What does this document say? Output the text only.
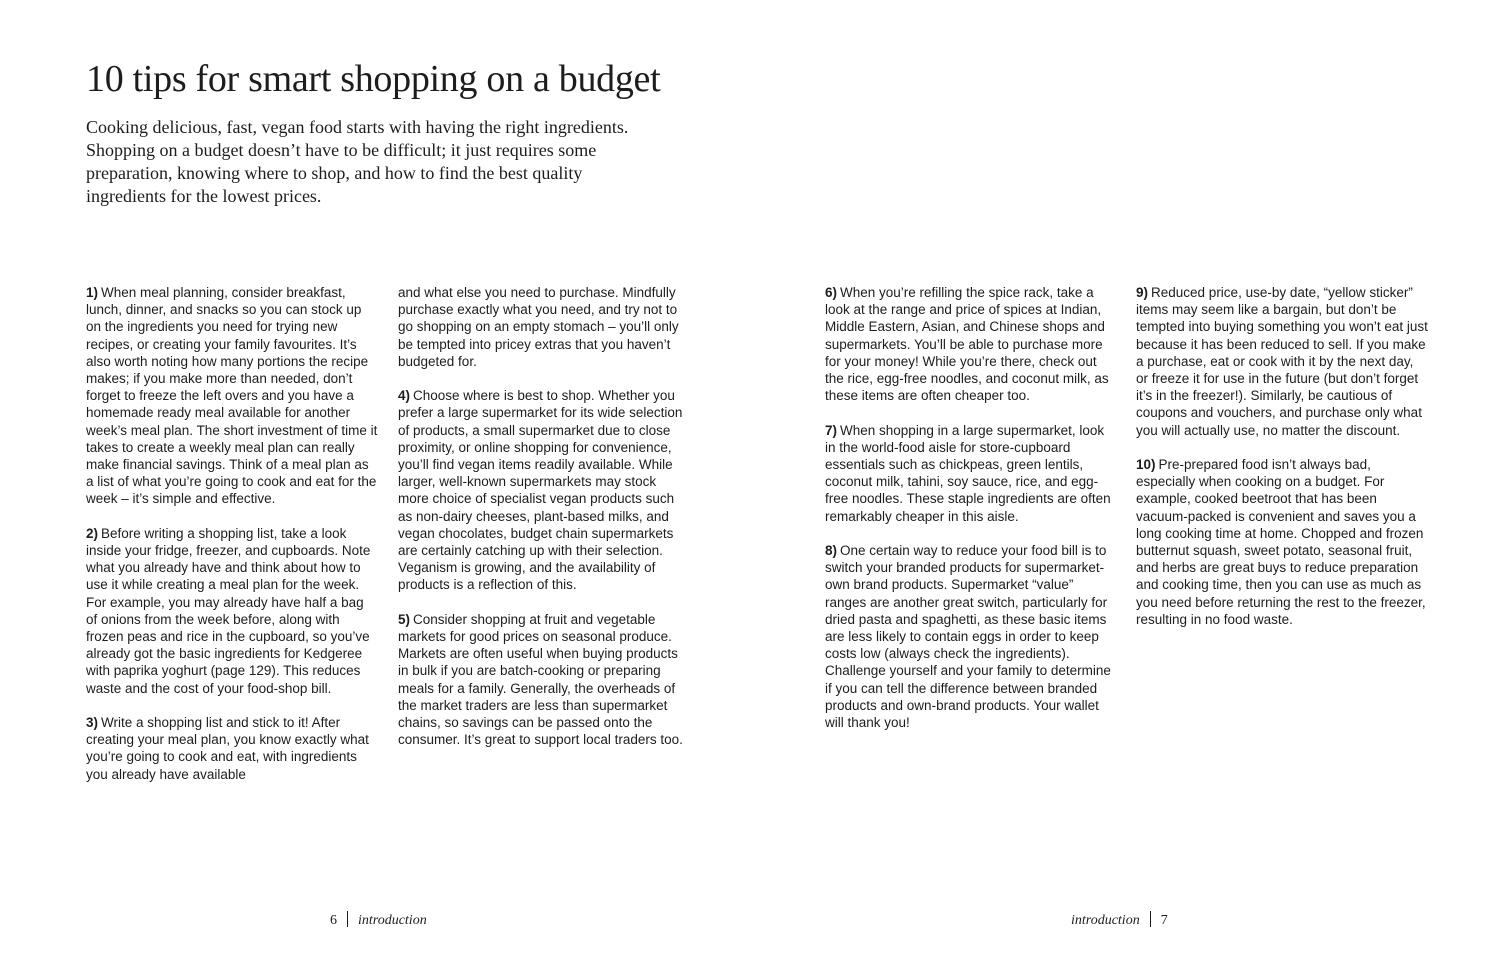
10 tips for smart shopping on a budget

Cooking delicious, fast, vegan food starts with having the right ingredients. Shopping on a budget doesn’t have to be difficult; it just requires some preparation, knowing where to shop, and how to find the best quality ingredients for the lowest prices.

1) When meal planning, consider breakfast, lunch, dinner, and snacks so you can stock up on the ingredients you need for trying new recipes, or creating your family favourites. It’s also worth noting how many portions the recipe makes; if you make more than needed, don’t forget to freeze the left overs and you have a homemade ready meal available for another week’s meal plan. The short investment of time it takes to create a weekly meal plan can really make financial savings. Think of a meal plan as a list of what you’re going to cook and eat for the week – it’s simple and effective.

2) Before writing a shopping list, take a look inside your fridge, freezer, and cupboards. Note what you already have and think about how to use it while creating a meal plan for the week. For example, you may already have half a bag of onions from the week before, along with frozen peas and rice in the cupboard, so you’ve already got the basic ingredients for Kedgeree with paprika yoghurt (page 129). This reduces waste and the cost of your food-shop bill.

3) Write a shopping list and stick to it! After creating your meal plan, you know exactly what you’re going to cook and eat, with ingredients you already have available

and what else you need to purchase. Mindfully purchase exactly what you need, and try not to go shopping on an empty stomach – you’ll only be tempted into pricey extras that you haven’t budgeted for.

4) Choose where is best to shop. Whether you prefer a large supermarket for its wide selection of products, a small supermarket due to close proximity, or online shopping for convenience, you’ll find vegan items readily available. While larger, well-known supermarkets may stock more choice of specialist vegan products such as non-dairy cheeses, plant-based milks, and vegan chocolates, budget chain supermarkets are certainly catching up with their selection. Veganism is growing, and the availability of products is a reflection of this.

5) Consider shopping at fruit and vegetable markets for good prices on seasonal produce. Markets are often useful when buying products in bulk if you are batch-cooking or preparing meals for a family. Generally, the overheads of the market traders are less than supermarket chains, so savings can be passed onto the consumer. It’s great to support local traders too.

6 introduction

6) When you’re refilling the spice rack, take a look at the range and price of spices at Indian, Middle Eastern, Asian, and Chinese shops and supermarkets. You’ll be able to purchase more for your money! While you’re there, check out the rice, egg-free noodles, and coconut milk, as these items are often cheaper too.

7) When shopping in a large supermarket, look in the world-food aisle for store-cupboard essentials such as chickpeas, green lentils, coconut milk, tahini, soy sauce, rice, and egg-free noodles. These staple ingredients are often remarkably cheaper in this aisle.

8) One certain way to reduce your food bill is to switch your branded products for supermarket-own brand products. Supermarket “value” ranges are another great switch, particularly for dried pasta and spaghetti, as these basic items are less likely to contain eggs in order to keep costs low (always check the ingredients). Challenge yourself and your family to determine if you can tell the difference between branded products and own-brand products. Your wallet will thank you!

9) Reduced price, use-by date, “yellow sticker” items may seem like a bargain, but don’t be tempted into buying something you won’t eat just because it has been reduced to sell. If you make a purchase, eat or cook with it by the next day, or freeze it for use in the future (but don’t forget it’s in the freezer!). Similarly, be cautious of coupons and vouchers, and purchase only what you will actually use, no matter the discount.

10) Pre-prepared food isn’t always bad, especially when cooking on a budget. For example, cooked beetroot that has been vacuum-packed is convenient and saves you a long cooking time at home. Chopped and frozen butternut squash, sweet potato, seasonal fruit, and herbs are great buys to reduce preparation and cooking time, then you can use as much as you need before returning the rest to the freezer, resulting in no food waste.

introduction 7
